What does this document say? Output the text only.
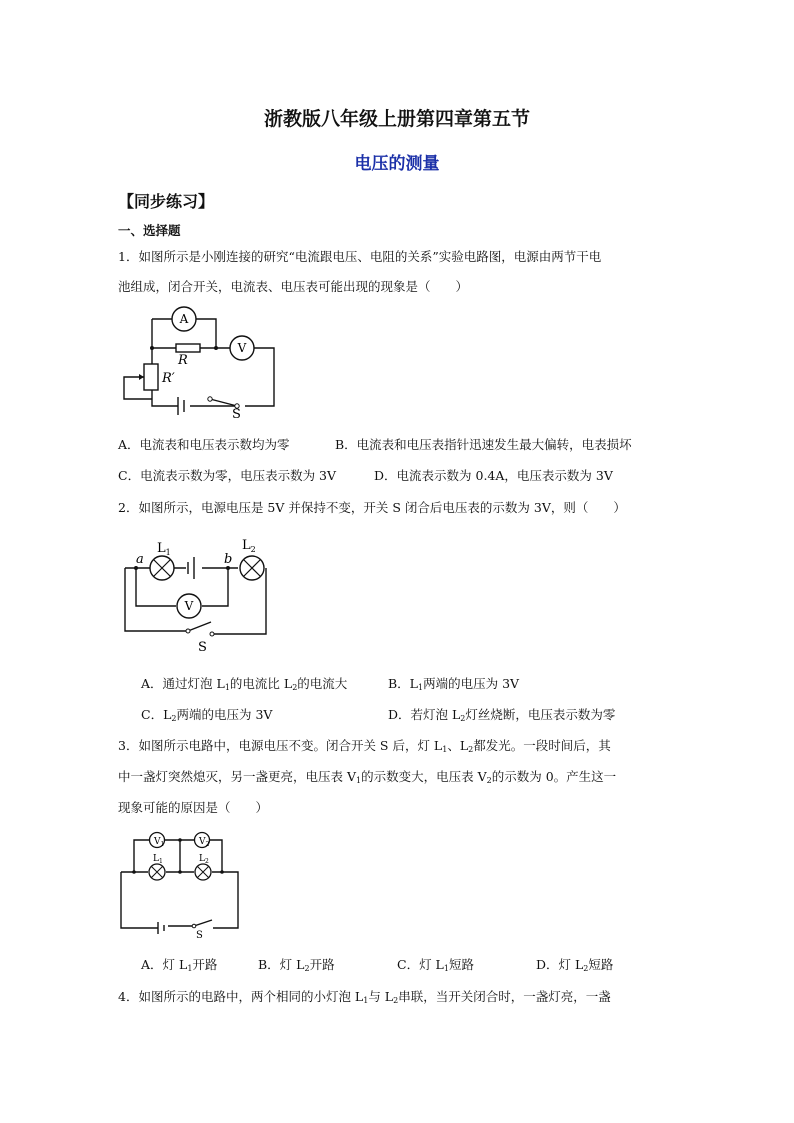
浙教版八年级上册第四章第五节
电压的测量
【同步练习】
一、选择题
1．如图所示是小刚连接的研究“电流跟电压、电阻的关系”实验电路图，电源由两节干电
池组成，闭合开关，电流表、电压表可能出现的现象是（　　）
A
V
R
R′
S
A．电流表和电压表示数均为零	B．电流表和电压表指针迅速发生最大偏转，电表损坏
C．电流表示数为零，电压表示数为 3V	D．电流表示数为 0.4A，电压表示数为 3V
2．如图所示，电源电压是 5V 并保持不变，开关 S 闭合后电压表的示数为 3V，则（　　）
a	b
$L_1$	$L_2$
V
S
A．通过灯泡 $L_1$的电流比 $L_2$的电流大	B．$L_1$两端的电压为 3V
C．$L_2$两端的电压为 3V	D．若灯泡 $L_2$灯丝烧断，电压表示数为零
3．如图所示电路中，电源电压不变。闭合开关 S 后，灯 $L_1$、$L_2$都发光。一段时间后，其
中一盏灯突然熄灭，另一盏更亮，电压表 $V_1$的示数变大，电压表 $V_2$的示数为 0。产生这一
现象可能的原因是（　　）
$V_1$	$V_2$
$L_1$	$L_2$
S
A．灯 $L_1$开路	B．灯 $L_2$开路	C．灯 $L_1$短路	D．灯 $L_2$短路
4．如图所示的电路中，两个相同的小灯泡 $L_1$与 $L_2$串联，当开关闭合时，一盏灯亮，一盏
